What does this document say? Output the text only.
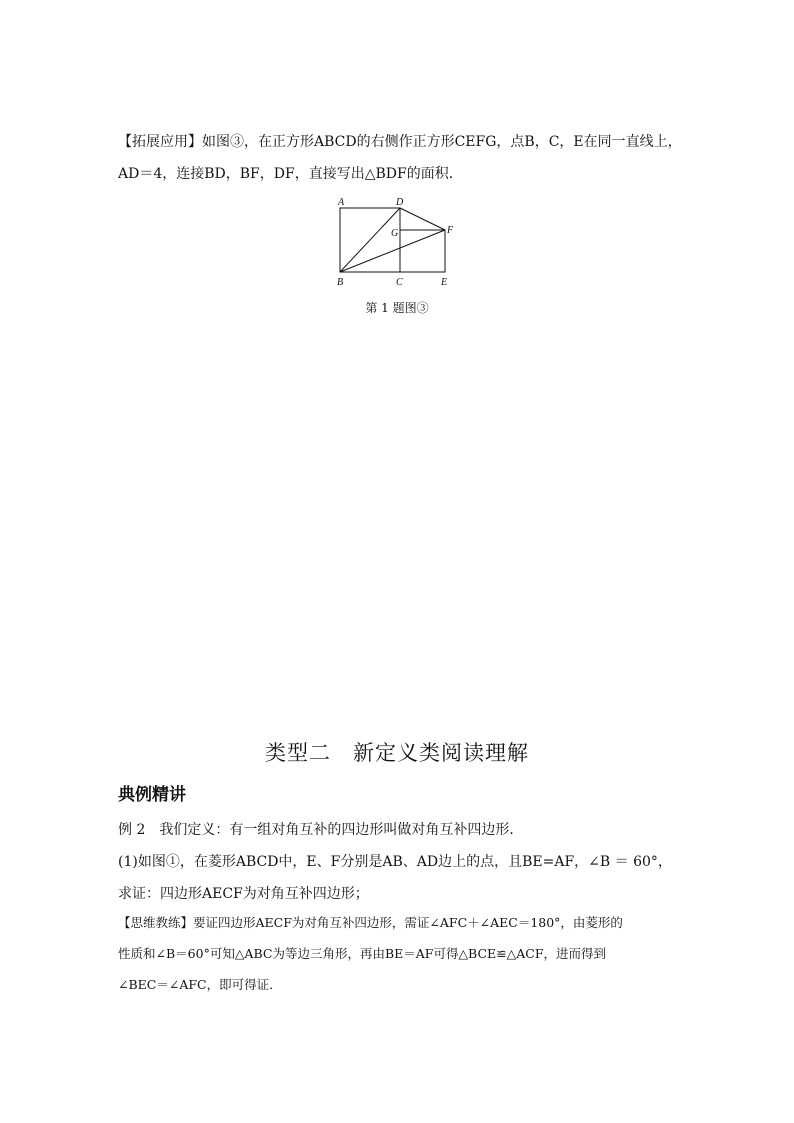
【拓展应用】如图③，在正方形ABCD的右侧作正方形CEFG，点B，C，E在同一直线上，
AD＝4，连接BD，BF，DF，直接写出△BDF的面积．
A	D
G	F
B	C	E
第 1 题图③
类型二　新定义类阅读理解
典例精讲
例 2　我们定义：有一组对角互补的四边形叫做对角互补四边形．
(1)如图①，在菱形ABCD中，E、F分别是AB、AD边上的点，且BE=AF，∠B ＝ 60°，
求证：四边形AECF为对角互补四边形；
【思维教练】要证四边形AECF为对角互补四边形，需证∠AFC＋∠AEC＝180°，由菱形的
性质和∠B＝60°可知△ABC为等边三角形，再由BE＝AF可得△BCE≌△ACF，进而得到
∠BEC＝∠AFC，即可得证．
